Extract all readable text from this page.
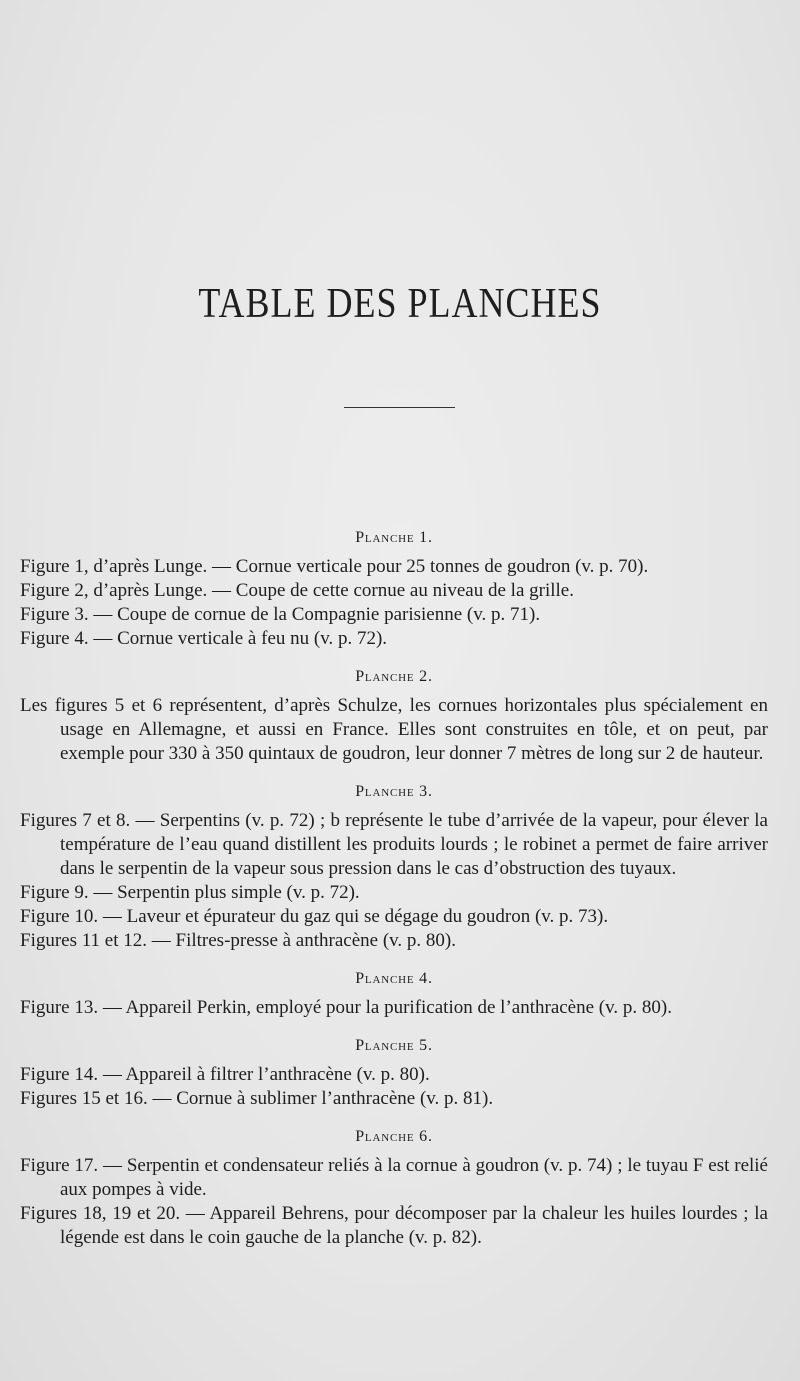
TABLE DES PLANCHES

Planche 1.

Figure 1, d’après Lunge. — Cornue verticale pour 25 tonnes de goudron (v. p. 70).

Figure 2, d’après Lunge. — Coupe de cette cornue au niveau de la grille.

Figure 3. — Coupe de cornue de la Compagnie parisienne (v. p. 71).

Figure 4. — Cornue verticale à feu nu (v. p. 72).

Planche 2.

Les figures 5 et 6 représentent, d’après Schulze, les cornues horizontales plus spécialement en usage en Allemagne, et aussi en France. Elles sont construites en tôle, et on peut, par exemple pour 330 à 350 quintaux de goudron, leur donner 7 mètres de long sur 2 de hauteur.

Planche 3.

Figures 7 et 8. — Serpentins (v. p. 72) ; b représente le tube d’arrivée de la vapeur, pour élever la température de l’eau quand distillent les produits lourds ; le robinet a permet de faire arriver dans le serpentin de la vapeur sous pression dans le cas d’obstruction des tuyaux.

Figure 9. — Serpentin plus simple (v. p. 72).

Figure 10. — Laveur et épurateur du gaz qui se dégage du goudron (v. p. 73).

Figures 11 et 12. — Filtres-presse à anthracène (v. p. 80).

Planche 4.

Figure 13. — Appareil Perkin, employé pour la purification de l’anthracène (v. p. 80).

Planche 5.

Figure 14. — Appareil à filtrer l’anthracène (v. p. 80).

Figures 15 et 16. — Cornue à sublimer l’anthracène (v. p. 81).

Planche 6.

Figure 17. — Serpentin et condensateur reliés à la cornue à goudron (v. p. 74) ; le tuyau F est relié aux pompes à vide.

Figures 18, 19 et 20. — Appareil Behrens, pour décomposer par la chaleur les huiles lourdes ; la légende est dans le coin gauche de la planche (v. p. 82).
